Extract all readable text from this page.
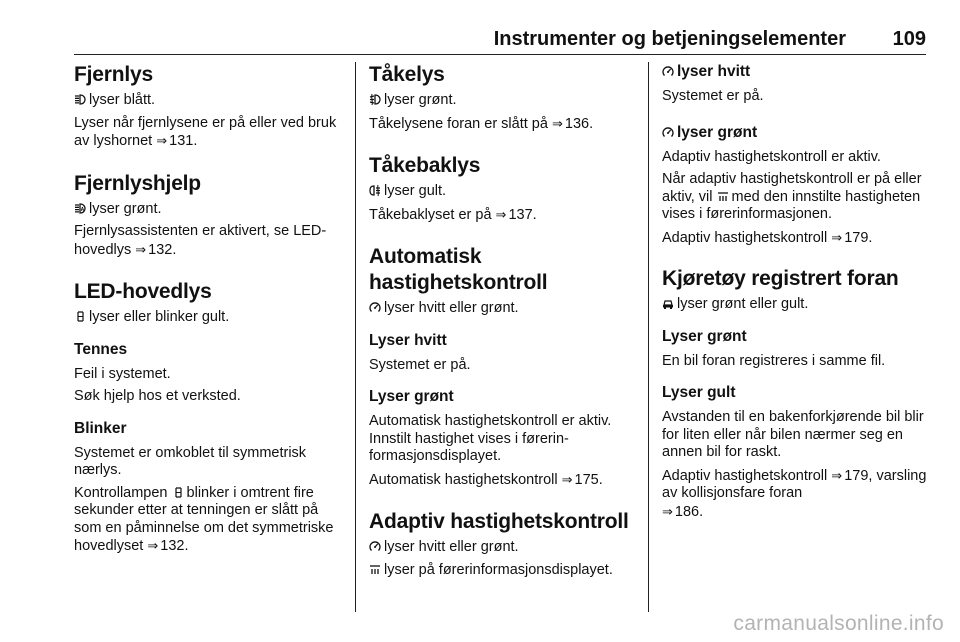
Instrumenter og betjeningselementer 109
Fjernlys

lyser blått.

Lyser når fjernlysene er på eller ved bruk av lyshornet ⇒ 131.

Fjernlyshjelp

A lyser grønt.

Fjernlysassistenten er aktivert, se LED-hovedlys ⇒ 132.

LED-hovedlys

lyser eller blinker gult.

Tennes

Feil i systemet.

Søk hjelp hos et verksted.

Blinker

Systemet er omkoblet til symmetrisk nærlys.

Kontrollampen blinker i omtrent fire sekunder etter at tenningen er slått på som en påminnelse om det symmetriske hovedlyset ⇒ 132.

Tåkelys

lyser grønt.

Tåkelysene foran er slått på ⇒ 136.

Tåkebaklys

lyser gult.

Tåkebaklyset er på ⇒ 137.

Automatisk
hastighetskontroll

lyser hvitt eller grønt.

Lyser hvitt

Systemet er på.

Lyser grønt

Automatisk hastighetskontroll er aktiv. Innstilt hastighet vises i førerinformasjonsdisplayet.

Automatisk hastighetskontroll ⇒ 175.

Adaptiv hastighetskontroll

lyser hvitt eller grønt.

lyser på førerinformasjonsdisplayet.

lyser hvitt

Systemet er på.

lyser grønt

Adaptiv hastighetskontroll er aktiv.

Når adaptiv hastighetskontroll er på eller aktiv, vil med den innstilte hastigheten vises i førerinformasjonen.

Adaptiv hastighetskontroll ⇒ 179.

Kjøretøy registrert foran

lyser grønt eller gult.

Lyser grønt

En bil foran registreres i samme fil.

Lyser gult

Avstanden til en bakenforkjørende bil blir for liten eller når bilen nærmer seg en annen bil for raskt.

Adaptiv hastighetskontroll ⇒ 179, varsling av kollisjonsfare foran
⇒ 186.

carmanualsonline.info
